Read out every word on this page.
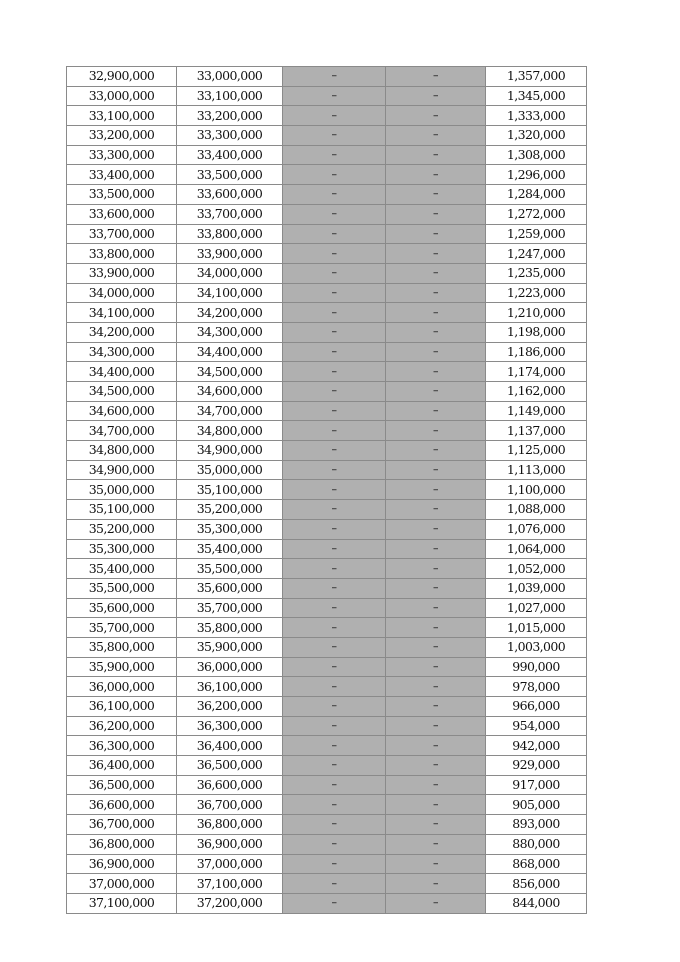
32,900,000	33,000,000	–	–	1,357,000
33,000,000	33,100,000	–	–	1,345,000
33,100,000	33,200,000	–	–	1,333,000
33,200,000	33,300,000	–	–	1,320,000
33,300,000	33,400,000	–	–	1,308,000
33,400,000	33,500,000	–	–	1,296,000
33,500,000	33,600,000	–	–	1,284,000
33,600,000	33,700,000	–	–	1,272,000
33,700,000	33,800,000	–	–	1,259,000
33,800,000	33,900,000	–	–	1,247,000
33,900,000	34,000,000	–	–	1,235,000
34,000,000	34,100,000	–	–	1,223,000
34,100,000	34,200,000	–	–	1,210,000
34,200,000	34,300,000	–	–	1,198,000
34,300,000	34,400,000	–	–	1,186,000
34,400,000	34,500,000	–	–	1,174,000
34,500,000	34,600,000	–	–	1,162,000
34,600,000	34,700,000	–	–	1,149,000
34,700,000	34,800,000	–	–	1,137,000
34,800,000	34,900,000	–	–	1,125,000
34,900,000	35,000,000	–	–	1,113,000
35,000,000	35,100,000	–	–	1,100,000
35,100,000	35,200,000	–	–	1,088,000
35,200,000	35,300,000	–	–	1,076,000
35,300,000	35,400,000	–	–	1,064,000
35,400,000	35,500,000	–	–	1,052,000
35,500,000	35,600,000	–	–	1,039,000
35,600,000	35,700,000	–	–	1,027,000
35,700,000	35,800,000	–	–	1,015,000
35,800,000	35,900,000	–	–	1,003,000
35,900,000	36,000,000	–	–	990,000
36,000,000	36,100,000	–	–	978,000
36,100,000	36,200,000	–	–	966,000
36,200,000	36,300,000	–	–	954,000
36,300,000	36,400,000	–	–	942,000
36,400,000	36,500,000	–	–	929,000
36,500,000	36,600,000	–	–	917,000
36,600,000	36,700,000	–	–	905,000
36,700,000	36,800,000	–	–	893,000
36,800,000	36,900,000	–	–	880,000
36,900,000	37,000,000	–	–	868,000
37,000,000	37,100,000	–	–	856,000
37,100,000	37,200,000	–	–	844,000
